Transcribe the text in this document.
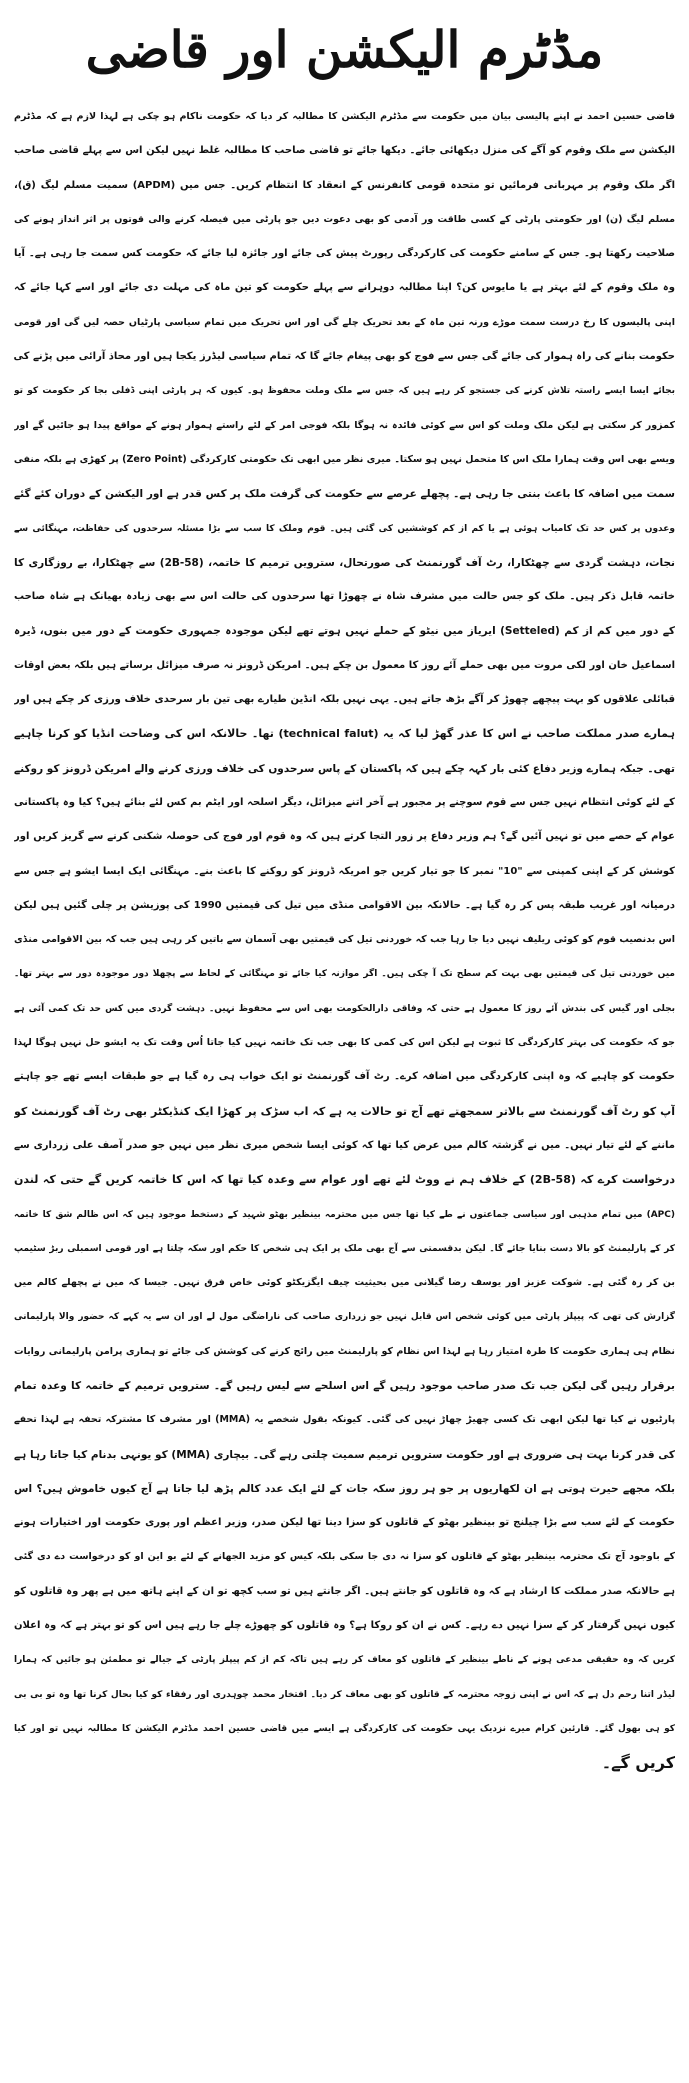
مڈٹرم الیکشن اور قاضی
قاضی حسین احمد نے اپنے پالیسی بیان میں حکومت سے مڈٹرم الیکشن کا مطالبہ کر دیا کہ حکومت ناکام ہو چکی ہے لہذا لازم ہے کہ مڈٹرم
الیکشن سے ملک وقوم کو آگے کی منزل دیکھائی جائے۔ دیکھا جائے تو قاضی صاحب کا مطالبہ غلط نہیں لیکن اس سے پہلے قاضی صاحب
اگر ملک وقوم پر مہربانی فرمائیں تو متحدہ قومی کانفرنس کے انعقاد کا انتظام کریں۔ جس میں (APDM) سمیت مسلم لیگ (ق)،
مسلم لیگ (ن) اور حکومتی پارٹی کے کسی طاقت ور آدمی کو بھی دعوت دیں جو پارٹی میں فیصلہ کرنے والی قوتوں پر اثر انداز ہونے کی
صلاحیت رکھتا ہو۔ جس کے سامنے حکومت کی کارکردگی رپورٹ پیش کی جائے اور جائزہ لیا جائے کہ حکومت کس سمت جا رہی ہے۔ آیا
وہ ملک وقوم کے لئے بہتر ہے یا مایوس کن؟ اپنا مطالبہ دوہرانے سے پہلے حکومت کو تین ماہ کی مہلت دی جائے اور اسے کہا جائے کہ
اپنی پالیسوں کا رخ درست سمت موڑے ورنہ تین ماہ کے بعد تحریک چلے گی اور اس تحریک میں تمام سیاسی پارٹیاں حصہ لیں گی اور قومی
حکومت بنانے کی راہ ہموار کی جائے گی جس سے فوج کو بھی پیغام جائے گا کہ تمام سیاسی لیڈرز یکجا ہیں اور محاذ آرائی میں پڑنے کی
بجائے ایسا ایسے راستہ تلاش کرنے کی جستجو کر رہے ہیں کہ جس سے ملک وملت محفوظ ہو۔ کیوں کہ ہر پارٹی اپنی ڈفلی بجا کر حکومت کو تو
کمزور کر سکتی ہے لیکن ملک وملت کو اس سے کوئی فائدہ نہ ہوگا بلکہ فوجی امر کے لئے راستے ہموار ہونے کے مواقع پیدا ہو جائیں گے اور
ویسے بھی اس وقت ہمارا ملک اس کا متحمل نہیں ہو سکتا۔ میری نظر میں ابھی تک حکومتی کارکردگی (Zero Point) پر کھڑی ہے بلکہ منفی
سمت میں اضافہ کا باعث بنتی جا رہی ہے۔ پچھلے عرصے سے حکومت کی گرفت ملک پر کس قدر ہے اور الیکشن کے دوران کئے گئے
وعدوں پر کس حد تک کامیاب ہوئی ہے یا کم از کم کوششیں کی گئی ہیں۔ قوم وملک کا سب سے بڑا مسئلہ سرحدوں کی حفاظت، مہنگائی سے
نجات، دہشت گردی سے چھٹکارا، رٹ آف گورنمنٹ کی صورتحال، سترویں ترمیم کا خاتمہ، (58-2B) سے چھٹکارا، بے روزگاری کا
خاتمہ قابل ذکر ہیں۔ ملک کو جس حالت میں مشرف شاہ نے چھوڑا تھا سرحدوں کی حالت اس سے بھی زیادہ بھیانک ہے شاہ صاحب
کے دور میں کم از کم (Setteled) ایریاز میں نیٹو کے حملے نہیں ہوتے تھے لیکن موجودہ جمہوری حکومت کے دور میں بنوں، ڈیرہ
اسماعیل خان اور لکی مروت میں بھی حملے آئے روز کا معمول بن چکے ہیں۔ امریکن ڈرونز نہ صرف میزائل برساتے ہیں بلکہ بعض اوقات
قبائلی علاقوں کو بہت پیچھے چھوڑ کر آگے بڑھ جاتے ہیں۔ یہی نہیں بلکہ انڈین طیارے بھی تین بار سرحدی خلاف ورزی کر چکے ہیں اور
ہمارے صدر مملکت صاحب نے اس کا عذر گھڑ لیا کہ یہ (technical falut) تھا۔ حالانکہ اس کی وضاحت انڈیا کو کرنا چاہیے
تھی۔ جبکہ ہمارے وزیر دفاع کئی بار کہہ چکے ہیں کہ پاکستان کے پاس سرحدوں کی خلاف ورزی کرنے والے امریکن ڈرونز کو روکنے
کے لئے کوئی انتظام نہیں جس سے قوم سوچنے پر مجبور ہے آخر اتنے میزائل، دیگر اسلحہ اور ایٹم بم کس لئے بنائے ہیں؟ کیا وہ پاکستانی
عوام کے حصے میں تو نہیں آئیں گے؟ ہم وزیر دفاع پر زور التجا کرتے ہیں کہ وہ قوم اور فوج کی حوصلہ شکنی کرنے سے گریز کریں اور
کوشش کر کے اپنی کمپنی سے "10" نمبر کا جو تیار کریں جو امریکہ ڈرونز کو روکنے کا باعث بنے۔ مہنگائی ایک ایسا ایشو ہے جس سے
درمیانہ اور غریب طبقہ پس کر رہ گیا ہے۔ حالانکہ بین الاقوامی منڈی میں تیل کی قیمتیں 1990 کی پوزیشن پر چلی گئیں ہیں لیکن
اس بدنصیب قوم کو کوئی ریلیف نہیں دیا جا رہا جب کہ خوردنی تیل کی قیمتیں بھی آسمان سے باتیں کر رہی ہیں جب کہ بین الاقوامی منڈی
میں خوردنی تیل کی قیمتیں بھی بہت کم سطح تک آ چکی ہیں۔ اگر موازنہ کیا جائے تو مہنگائی کے لحاظ سے پچھلا دور موجودہ دور سے بہتر تھا۔
بجلی اور گیس کی بندش آئے روز کا معمول ہے حتی کہ وفاقی دارالحکومت بھی اس سے محفوظ نہیں۔ دہشت گردی میں کس حد تک کمی آئی ہے
جو کہ حکومت کی بہتر کارکردگی کا ثبوت ہے لیکن اس کی کمی کا بھی جب تک خاتمہ نہیں کیا جاتا اُس وقت تک یہ ایشو حل نہیں ہوگا لہذا
حکومت کو چاہیے کہ وہ اپنی کارکردگی میں اضافہ کرے۔ رٹ آف گورنمنٹ تو ایک خواب ہی رہ گیا ہے جو طبقات ایسے تھے جو چاہتے
آپ کو رٹ آف گورنمنٹ سے بالاتر سمجھتے تھے آج تو حالات یہ ہے کہ اب سڑک پر کھڑا ایک کنڈیکٹر بھی رٹ آف گورنمنٹ کو
ماننے کے لئے تیار نہیں۔ میں نے گزشتہ کالم میں عرض کیا تھا کہ کوئی ایسا شخص میری نظر میں نہیں جو صدر آصف علی زرداری سے
درخواست کرے کہ (58-2B) کے خلاف ہم نے ووٹ لئے تھے اور عوام سے وعدہ کیا تھا کہ اس کا خاتمہ کریں گے حتی کہ لندن
(APC) میں تمام مذہبی اور سیاسی جماعتوں نے طے کیا تھا جس میں محترمہ بینظیر بھٹو شہید کے دستخط موجود ہیں کہ اس ظالم شق کا خاتمہ
کر کے پارلیمنٹ کو بالا دست بنایا جائے گا۔ لیکن بدقسمتی سے آج بھی ملک پر ایک ہی شخص کا حکم اور سکہ چلتا ہے اور قومی اسمبلی ربڑ سٹیمپ
بن کر رہ گئی ہے۔ شوکت عزیز اور یوسف رضا گیلانی میں بحیثیت چیف ایگزیکٹو کوئی خاص فرق نہیں۔ جیسا کہ میں نے پچھلے کالم میں
گزارش کی تھی کہ پیپلز پارٹی میں کوئی شخص اس قابل نہیں جو زرداری صاحب کی ناراضگی مول لے اور ان سے یہ کہے کہ حضور والا پارلیمانی
نظام ہی ہماری حکومت کا طرہ امتیاز رہا ہے لہذا اس نظام کو پارلیمنٹ میں رائج کرنے کی کوشش کی جائے تو ہماری پرامن پارلیمانی روایات
برقرار رہیں گی لیکن جب تک صدر صاحب موجود رہیں گے اس اسلحے سے لیس رہیں گے۔ سترویں ترمیم کے خاتمہ کا وعدہ تمام
پارٹیوں نے کیا تھا لیکن ابھی تک کسی چھیڑ چھاڑ نہیں کی گئی۔ کیونکہ بقول شخصے یہ (MMA) اور مشرف کا مشترکہ تحفہ ہے لہذا تحفے
کی قدر کرنا بہت ہی ضروری ہے اور حکومت سترویں ترمیم سمیت چلتی رہے گی۔ بیچاری (MMA) کو یونہی بدنام کیا جاتا رہا ہے
بلکہ مجھے حیرت ہوتی ہے ان لکھاریوں پر جو ہر روز سکہ جات کے لئے ایک عدد کالم پڑھ لیا جاتا ہے آج کیوں خاموش ہیں؟ اس
حکومت کے لئے سب سے بڑا چیلنج تو بینظیر بھٹو کے قاتلوں کو سزا دینا تھا لیکن صدر، وزیر اعظم اور پوری حکومت اور اختیارات ہونے
کے باوجود آج تک محترمہ بینظیر بھٹو کے قاتلوں کو سزا نہ دی جا سکی بلکہ کیس کو مزید الجھانے کے لئے یو این او کو درخواست دے دی گئی
ہے حالانکہ صدر مملکت کا ارشاد ہے کہ وہ قاتلوں کو جانتے ہیں۔ اگر جانتے ہیں تو سب کچھ تو ان کے اپنے ہاتھ میں ہے پھر وہ قاتلوں کو
کیوں نہیں گرفتار کر کے سزا نہیں دے رہے۔ کس نے ان کو روکا ہے؟ وہ قاتلوں کو چھوڑے چلے جا رہے ہیں اس کو تو بہتر ہے کہ وہ اعلان
کریں کہ وہ حقیقی مدعی ہونے کے ناطے بینظیر کے قاتلوں کو معاف کر رہے ہیں تاکہ کم از کم پیپلز پارٹی کے جیالے تو مطمئن ہو جائیں کہ ہمارا
لیڈر اتنا رحم دل ہے کہ اس نے اپنی زوجہ محترمہ کے قاتلوں کو بھی معاف کر دیا۔ افتخار محمد چوہدری اور رفقاء کو کیا بحال کرنا تھا وہ تو بی بی
کو ہی بھول گئے۔ قارئین کرام میرے نزدیک یہی حکومت کی کارکردگی ہے ایسے میں قاضی حسین احمد مڈٹرم الیکشن کا مطالبہ نہیں تو اور کیا
کریں گے۔
